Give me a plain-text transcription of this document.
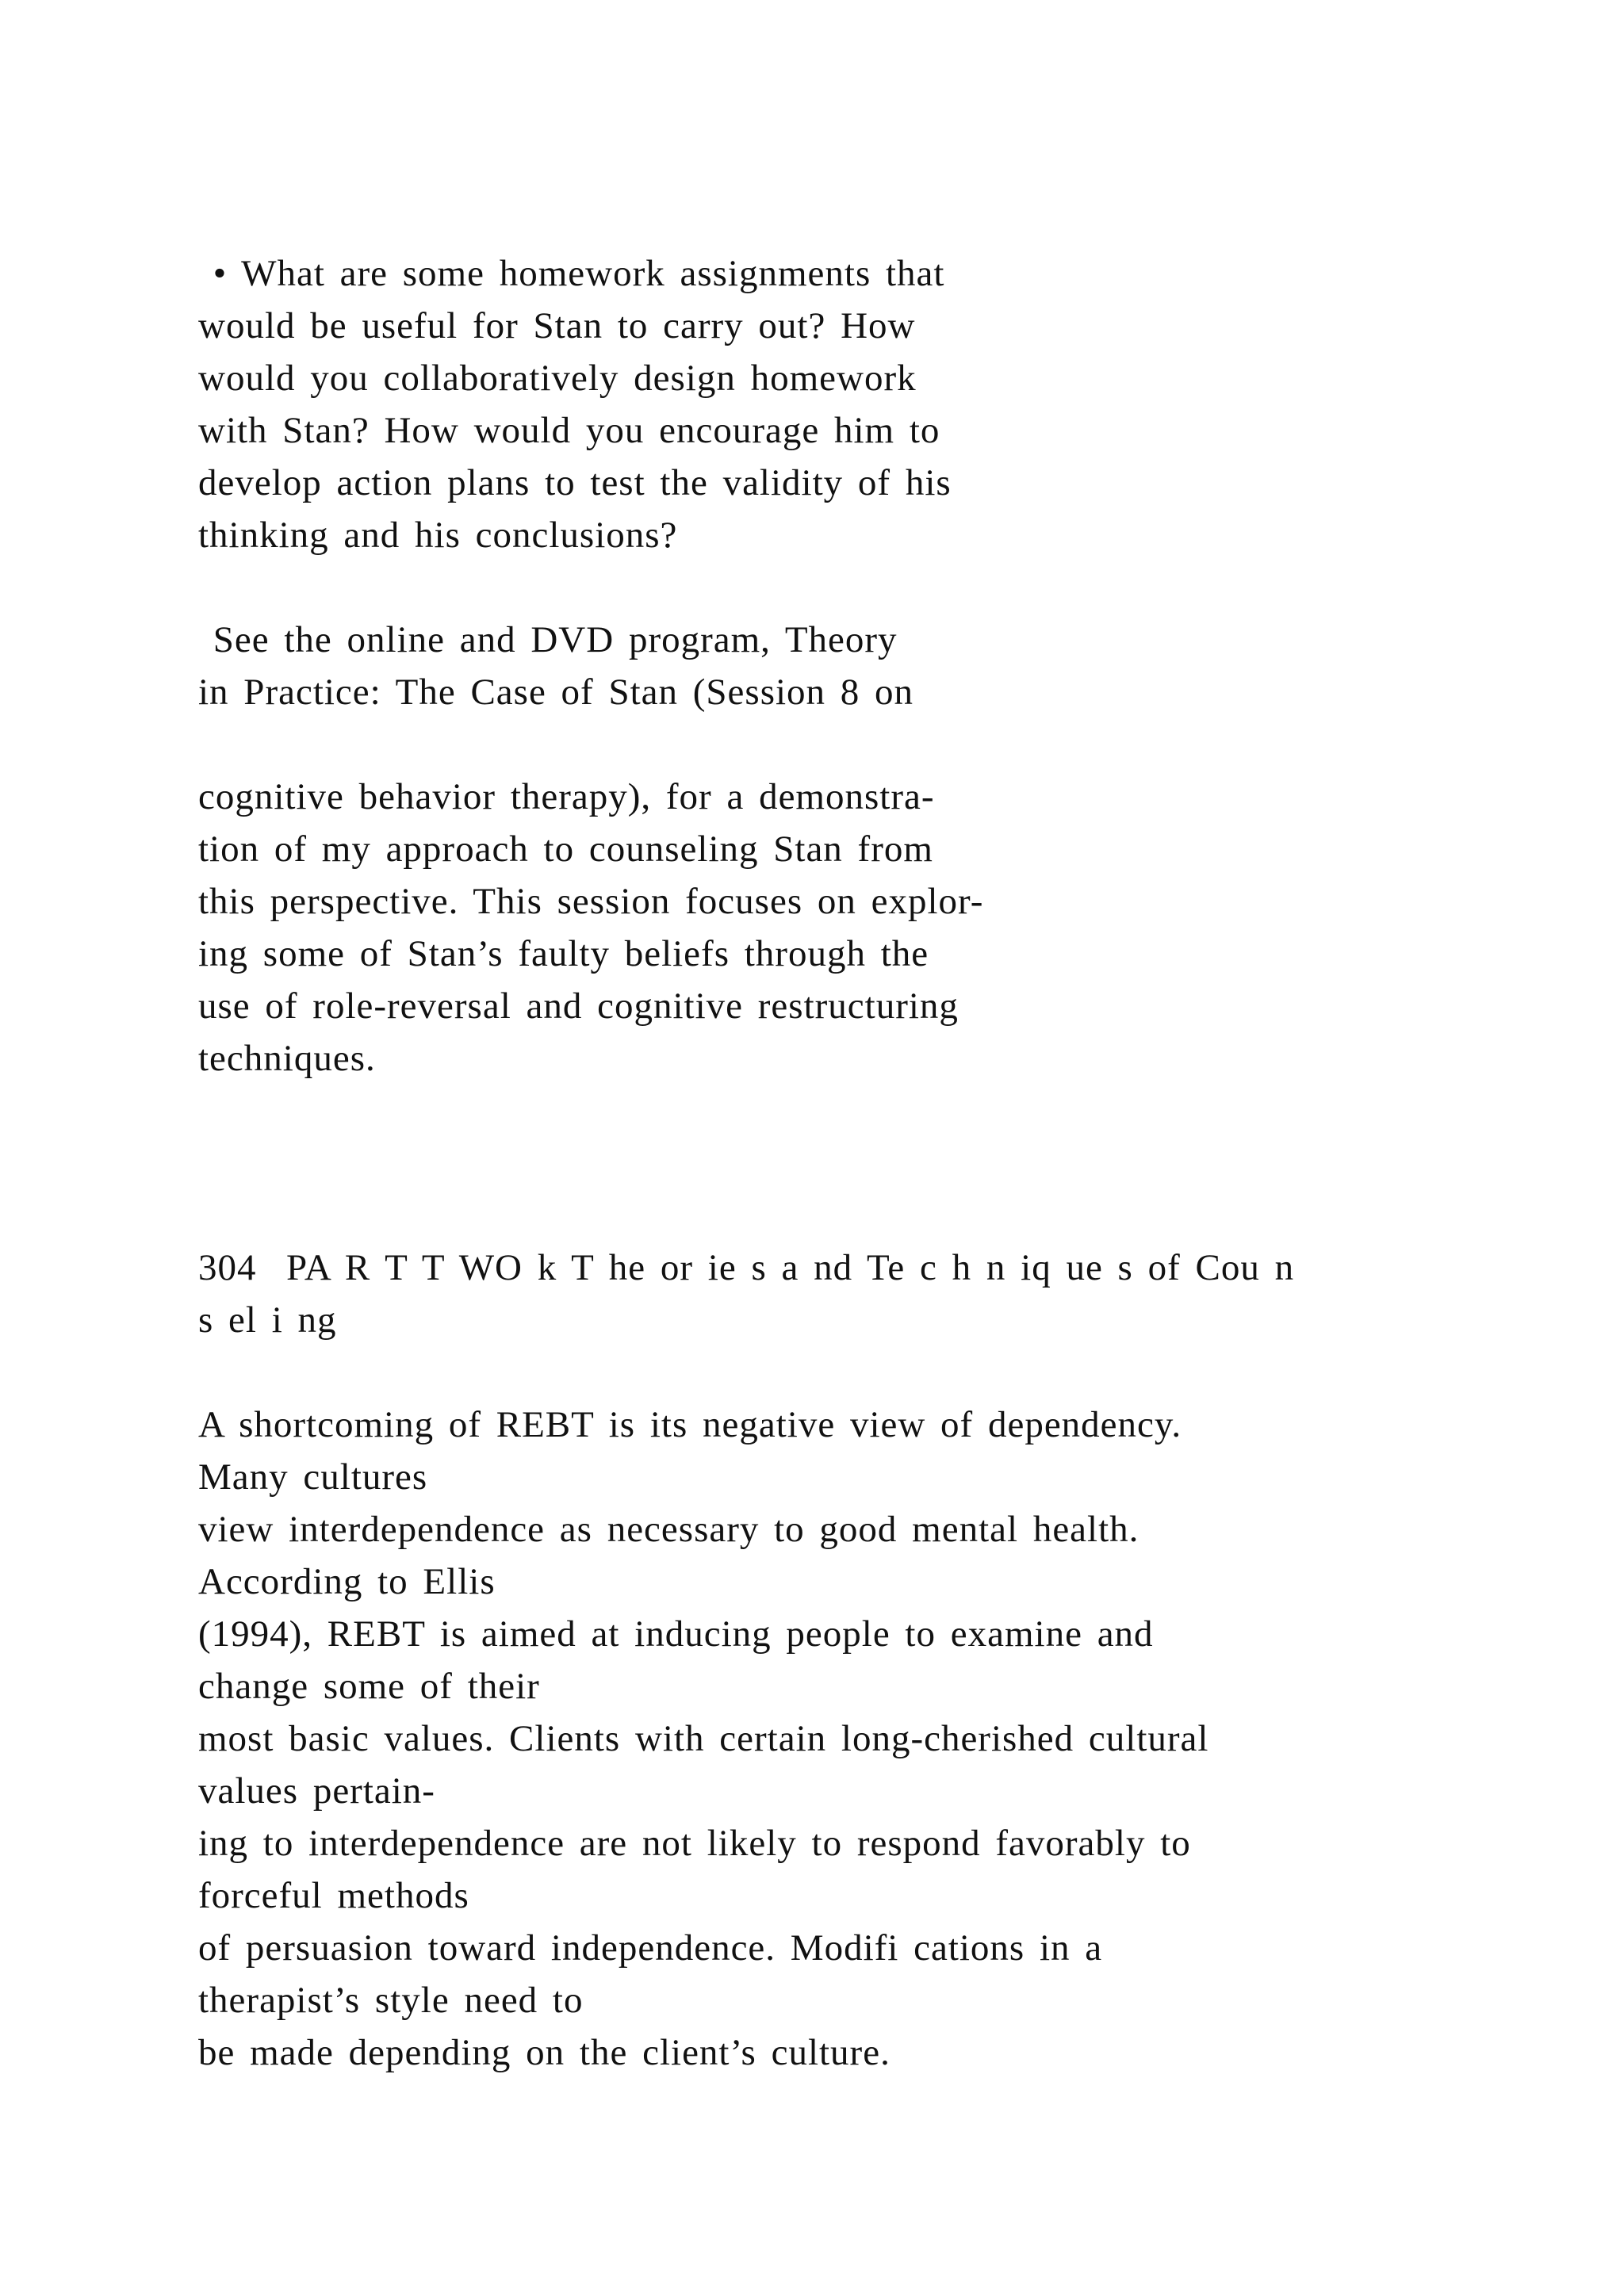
• What are some homework assignments that
would be useful for Stan to carry out? How
would you collaboratively design homework
with Stan? How would you encourage him to
develop action plans to test the validity of his
thinking and his conclusions?
See the online and DVD program, Theory
in Practice: The Case of Stan (Session 8 on
cognitive behavior therapy), for a demonstra-
tion of my approach to counseling Stan from
this perspective. This session focuses on explor-
ing some of Stan’s faulty beliefs through the
use of role-reversal and cognitive restructuring
techniques.
304  PA R T T WO k T he or ie s a nd Te c h n iq ue s of Cou n
s el i ng
A shortcoming of REBT is its negative view of dependency.
Many cultures
view interdependence as necessary to good mental health.
According to Ellis
(1994), REBT is aimed at inducing people to examine and
change some of their
most basic values. Clients with certain long-cherished cultural
values pertain-
ing to interdependence are not likely to respond favorably to
forceful methods
of persuasion toward independence. Modifi cations in a
therapist’s style need to
be made depending on the client’s culture.
